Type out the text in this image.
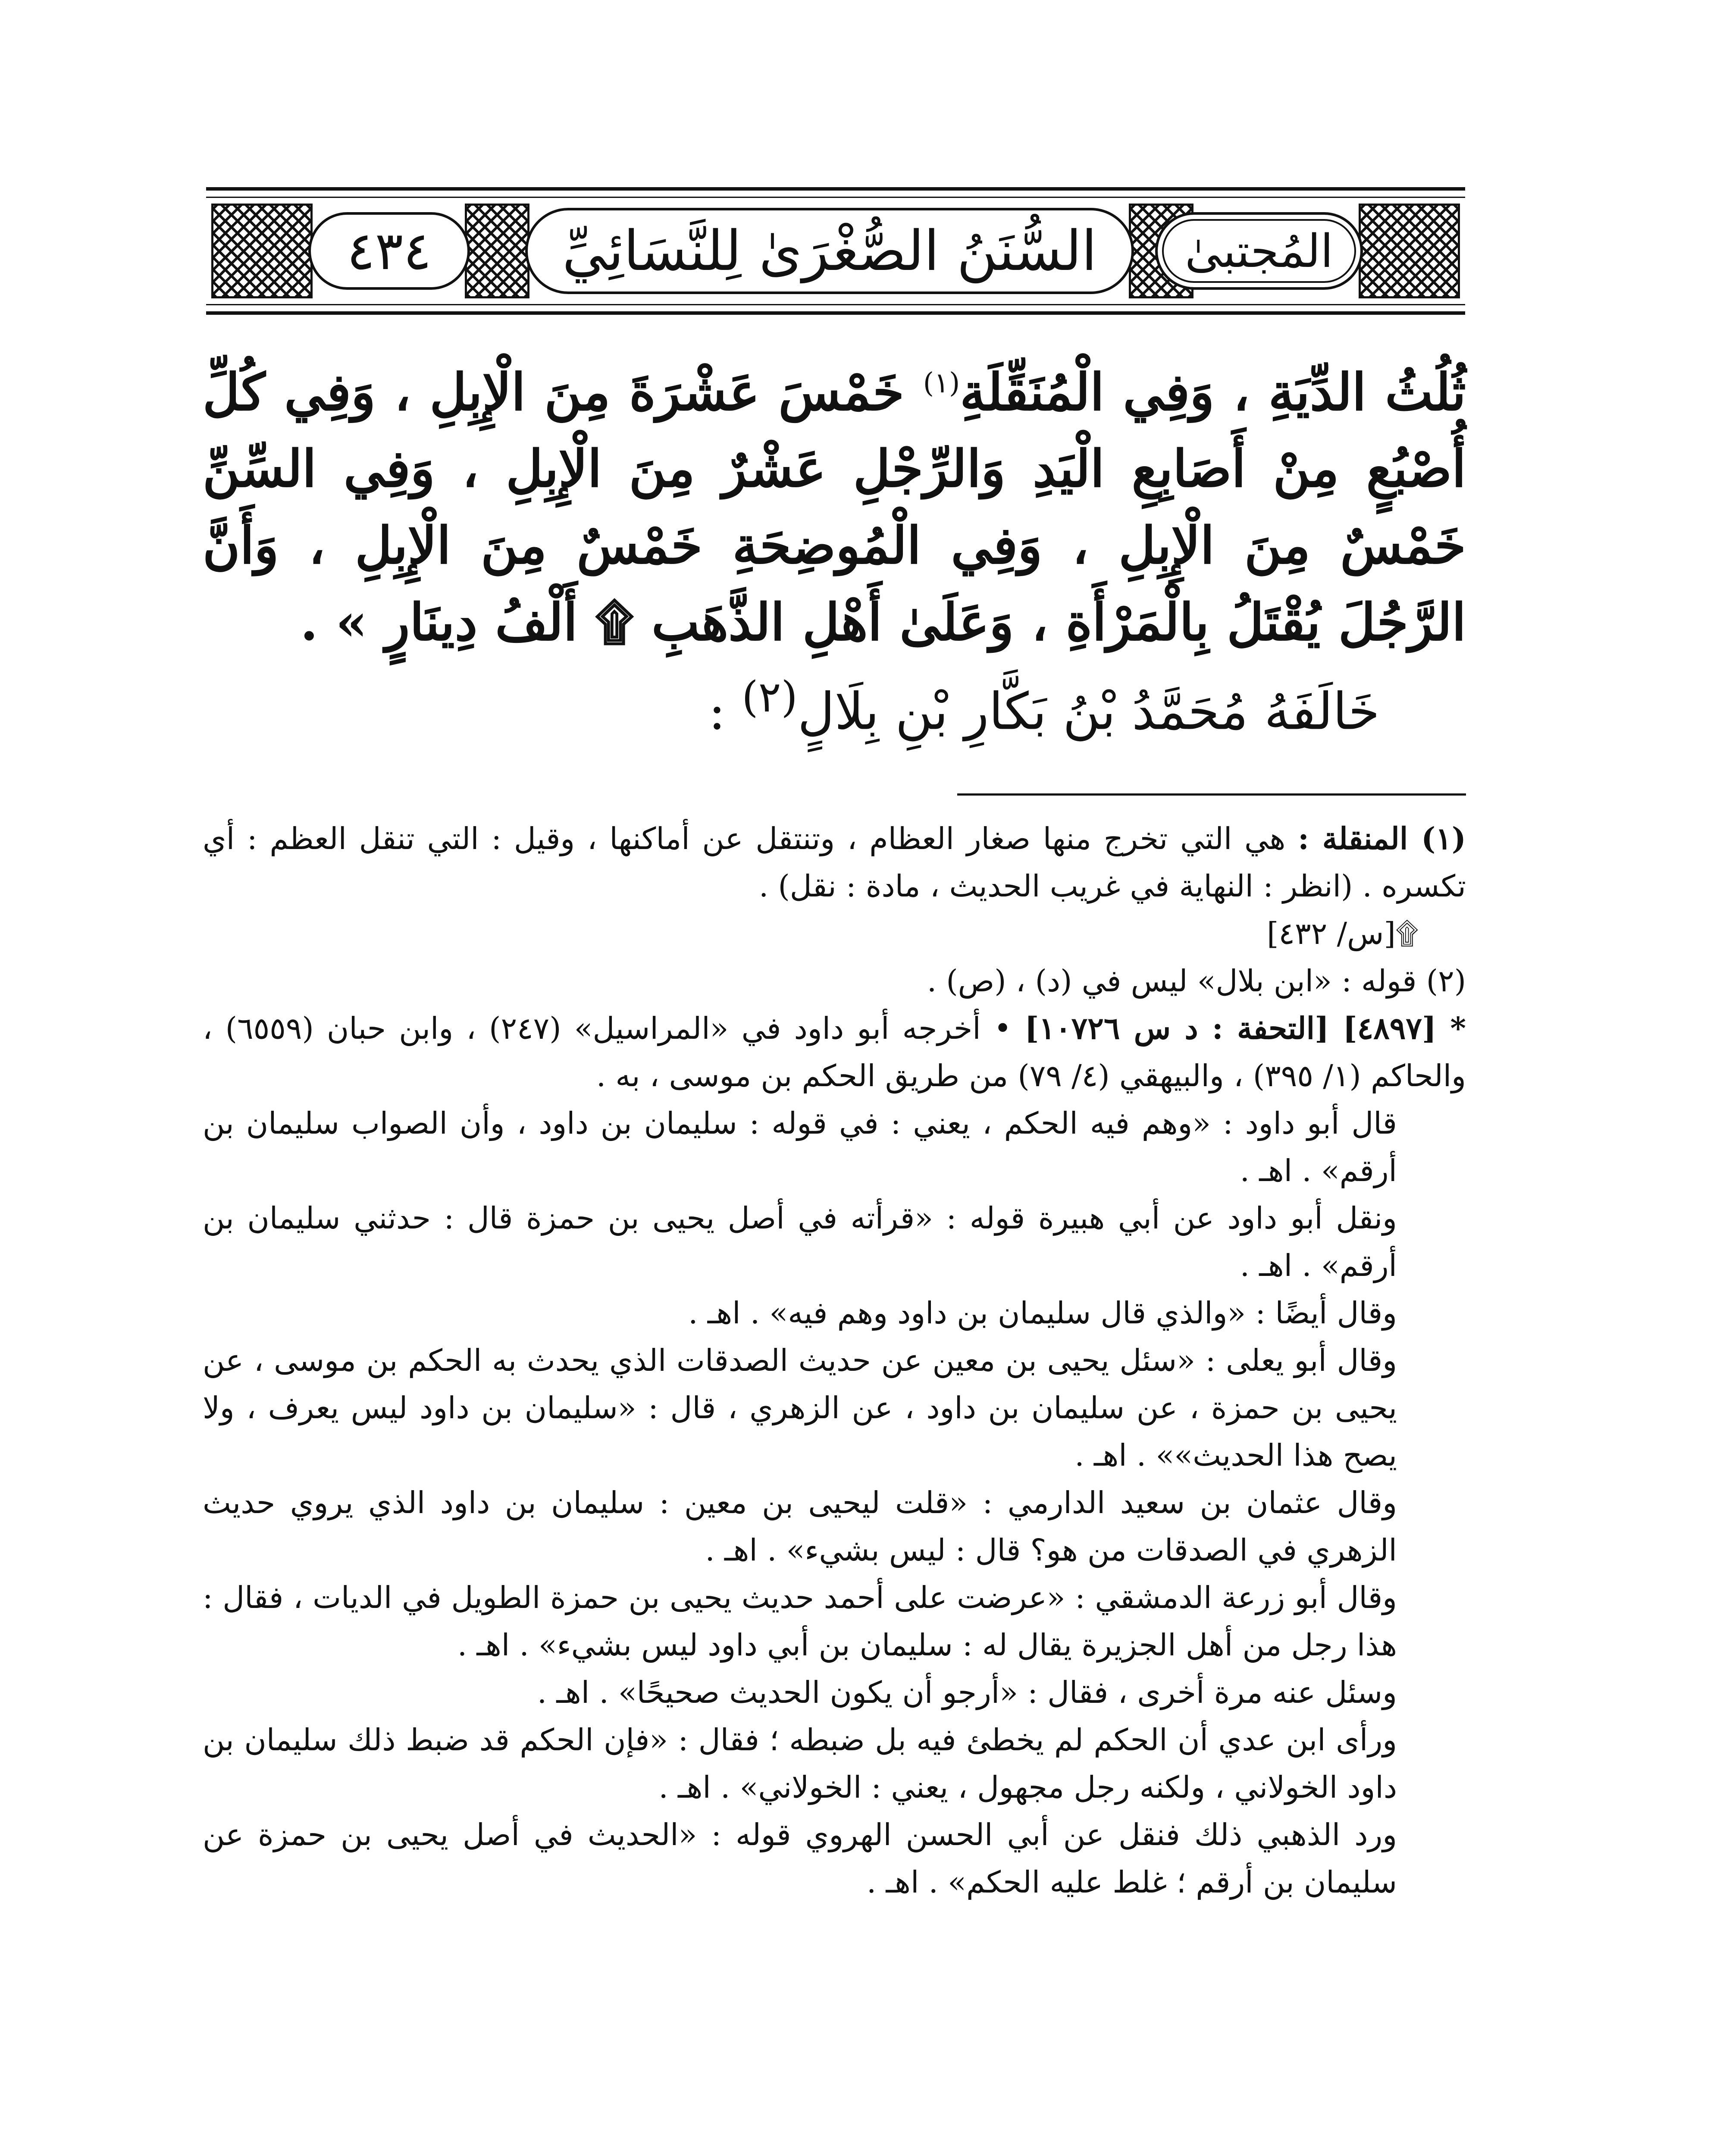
٤٣٤	السُّنَنُ الصُّغْرَىٰ لِلنَّسَائِيِّ	المُجتبىٰ
ثُلُثُ الدِّيَةِ ، وَفِي الْمُنَقِّلَةِ$^{(١)}$ خَمْسَ عَشْرَةَ مِنَ الْإِبِلِ ، وَفِي كُلِّ أُصْبُعٍ مِنْ أَصَابِعِ الْيَدِ وَالرِّجْلِ عَشْرٌ مِنَ الْإِبِلِ ، وَفِي السِّنِّ خَمْسٌ مِنَ الْإِبِلِ ، وَفِي الْمُوضِحَةِ خَمْسٌ مِنَ الْإِبِلِ ، وَأَنَّ الرَّجُلَ يُقْتَلُ بِالْمَرْأَةِ ، وَعَلَىٰ أَهْلِ الذَّهَبِ ۩ أَلْفُ دِينَارٍ » .
خَالَفَهُ مُحَمَّدُ بْنُ بَكَّارِ بْنِ بِلَالٍ$^{(٢)}$ :

(١) المنقلة : هي التي تخرج منها صغار العظام ، وتنتقل عن أماكنها ، وقيل : التي تنقل العظم : أي تكسره . (انظر : النهاية في غريب الحديث ، مادة : نقل) .

۩[س/ ٤٣٢]

(٢) قوله : «ابن بلال» ليس في (د) ، (ص) .

* [٤٨٩٧] [التحفة : د س ١٠٧٢٦] • أخرجه أبو داود في «المراسيل» (٢٤٧) ، وابن حبان (٦٥٥٩) ، والحاكم (١/ ٣٩٥) ، والبيهقي (٤/ ٧٩) من طريق الحكم بن موسى ، به .

قال أبو داود : «وهم فيه الحكم ، يعني : في قوله : سليمان بن داود ، وأن الصواب سليمان بن أرقم» . اهـ .

ونقل أبو داود عن أبي هبيرة قوله : «قرأته في أصل يحيى بن حمزة قال : حدثني سليمان بن أرقم» . اهـ .

وقال أيضًا : «والذي قال سليمان بن داود وهم فيه» . اهـ .

وقال أبو يعلى : «سئل يحيى بن معين عن حديث الصدقات الذي يحدث به الحكم بن موسى ، عن يحيى بن حمزة ، عن سليمان بن داود ، عن الزهري ، قال : «سليمان بن داود ليس يعرف ، ولا يصح هذا الحديث»» . اهـ .

وقال عثمان بن سعيد الدارمي : «قلت ليحيى بن معين : سليمان بن داود الذي يروي حديث الزهري في الصدقات من هو؟ قال : ليس بشيء» . اهـ .

وقال أبو زرعة الدمشقي : «عرضت على أحمد حديث يحيى بن حمزة الطويل في الديات ، فقال : هذا رجل من أهل الجزيرة يقال له : سليمان بن أبي داود ليس بشيء» . اهـ .

وسئل عنه مرة أخرى ، فقال : «أرجو أن يكون الحديث صحيحًا» . اهـ .

ورأى ابن عدي أن الحكم لم يخطئ فيه بل ضبطه ؛ فقال : «فإن الحكم قد ضبط ذلك سليمان بن داود الخولاني ، ولكنه رجل مجهول ، يعني : الخولاني» . اهـ .

ورد الذهبي ذلك فنقل عن أبي الحسن الهروي قوله : «الحديث في أصل يحيى بن حمزة عن سليمان بن أرقم ؛ غلط عليه الحكم» . اهـ .
